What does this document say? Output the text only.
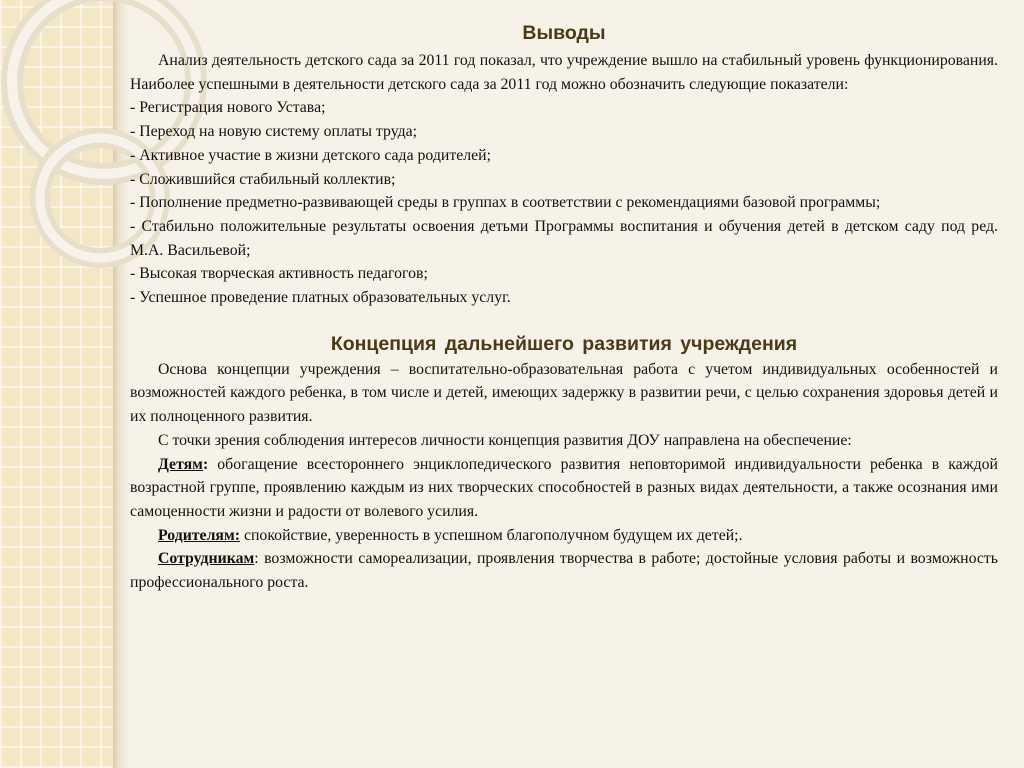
Выводы

Анализ деятельность детского сада за 2011 год показал, что учреждение вышло на стабильный уровень функционирования. Наиболее успешными в деятельности детского сада за 2011 год можно обозначить следующие показатели:

- Регистрация нового Устава;

- Переход на новую систему оплаты труда;

- Активное участие в жизни детского сада родителей;

- Сложившийся стабильный коллектив;

- Пополнение предметно-развивающей среды в группах в соответствии с рекомендациями базовой программы;

- Стабильно положительные результаты освоения детьми Программы воспитания и обучения детей в детском саду под ред. М.А. Васильевой;

- Высокая творческая активность педагогов;

- Успешное проведение платных образовательных услуг.

Концепция дальнейшего развития учреждения

Основа концепции учреждения – воспитательно-образовательная работа с учетом индивидуальных особенностей и возможностей каждого ребенка, в том числе и детей, имеющих задержку в развитии речи, с целью сохранения здоровья детей и их полноценного развития.

С точки зрения соблюдения интересов личности концепция развития ДОУ направлена на обеспечение:

Детям: обогащение всестороннего энциклопедического развития неповторимой индивидуальности ребенка в каждой возрастной группе, проявлению каждым из них творческих способностей в разных видах деятельности, а также осознания ими самоценности жизни и радости от волевого усилия.

Родителям: спокойствие, уверенность в успешном благополучном будущем их детей;.

Сотрудникам: возможности самореализации, проявления творчества в работе; достойные условия работы и возможность профессионального роста.
